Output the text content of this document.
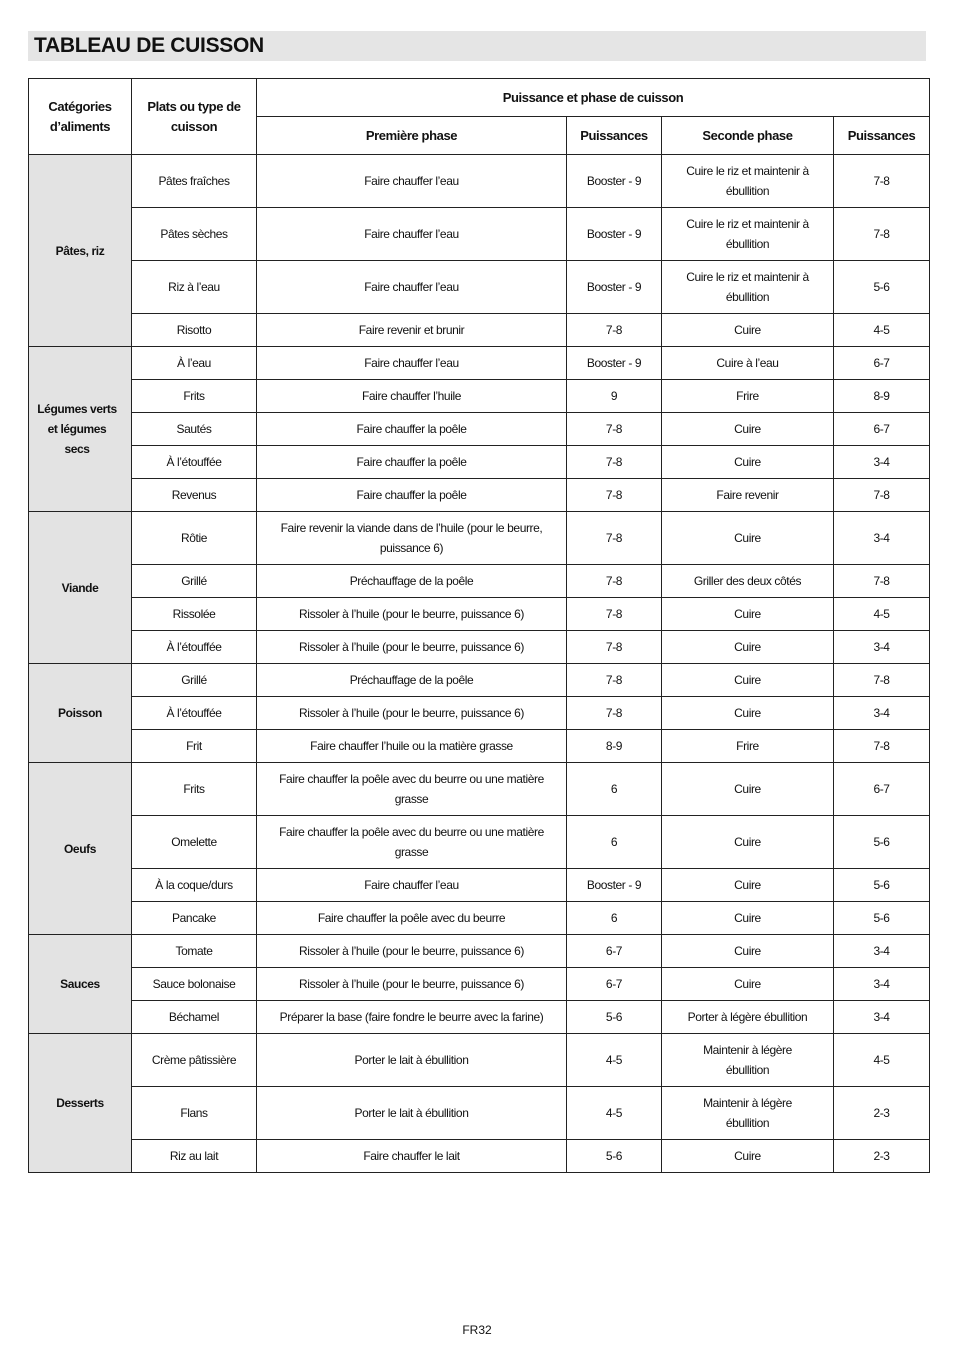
TABLEAU DE CUISSON
Catégories d’aliments	Plats ou type de cuisson	Puissance et phase de cuisson			
		Première phase	Puissances	Seconde phase	Puissances
Pâtes, riz	Pâtes fraîches	Faire chauffer l’eau	Booster - 9	Cuire le riz et maintenir à ébullition	7-8
	Pâtes sèches	Faire chauffer l’eau	Booster - 9	Cuire le riz et maintenir à ébullition	7-8
	Riz à l’eau	Faire chauffer l’eau	Booster - 9	Cuire le riz et maintenir à ébullition	5-6
	Risotto	Faire revenir et brunir	7-8	Cuire	4-5
Légumes verts et légumes secs	À l’eau	Faire chauffer l’eau	Booster - 9	Cuire à l’eau	6-7
	Frits	Faire chauffer l’huile	9	Frire	8-9
	Sautés	Faire chauffer la poêle	7-8	Cuire	6-7
	À l’étouffée	Faire chauffer la poêle	7-8	Cuire	3-4
	Revenus	Faire chauffer la poêle	7-8	Faire revenir	7-8
Viande	Rôtie	Faire revenir la viande dans de l’huile (pour le beurre, puissance 6)	7-8	Cuire	3-4
	Grillé	Préchauffage de la poêle	7-8	Griller des deux côtés	7-8
	Rissolée	Rissoler à l’huile (pour le beurre, puissance 6)	7-8	Cuire	4-5
	À l’étouffée	Rissoler à l’huile (pour le beurre, puissance 6)	7-8	Cuire	3-4
Poisson	Grillé	Préchauffage de la poêle	7-8	Cuire	7-8
	À l’étouffée	Rissoler à l’huile (pour le beurre, puissance 6)	7-8	Cuire	3-4
	Frit	Faire chauffer l’huile ou la matière grasse	8-9	Frire	7-8
Oeufs	Frits	Faire chauffer la poêle avec du beurre ou une matière grasse	6	Cuire	6-7
	Omelette	Faire chauffer la poêle avec du beurre ou une matière grasse	6	Cuire	5-6
	À la coque/durs	Faire chauffer l’eau	Booster - 9	Cuire	5-6
	Pancake	Faire chauffer la poêle avec du beurre	6	Cuire	5-6
Sauces	Tomate	Rissoler à l’huile (pour le beurre, puissance 6)	6-7	Cuire	3-4
	Sauce bolonaise	Rissoler à l’huile (pour le beurre, puissance 6)	6-7	Cuire	3-4
	Béchamel	Préparer la base (faire fondre le beurre avec la farine)	5-6	Porter à légère ébullition	3-4
Desserts	Crème pâtissière	Porter le lait à ébullition	4-5	Maintenir à légère ébullition	4-5
	Flans	Porter le lait à ébullition	4-5	Maintenir à légère ébullition	2-3
	Riz au lait	Faire chauffer le lait	5-6	Cuire	2-3
FR32
